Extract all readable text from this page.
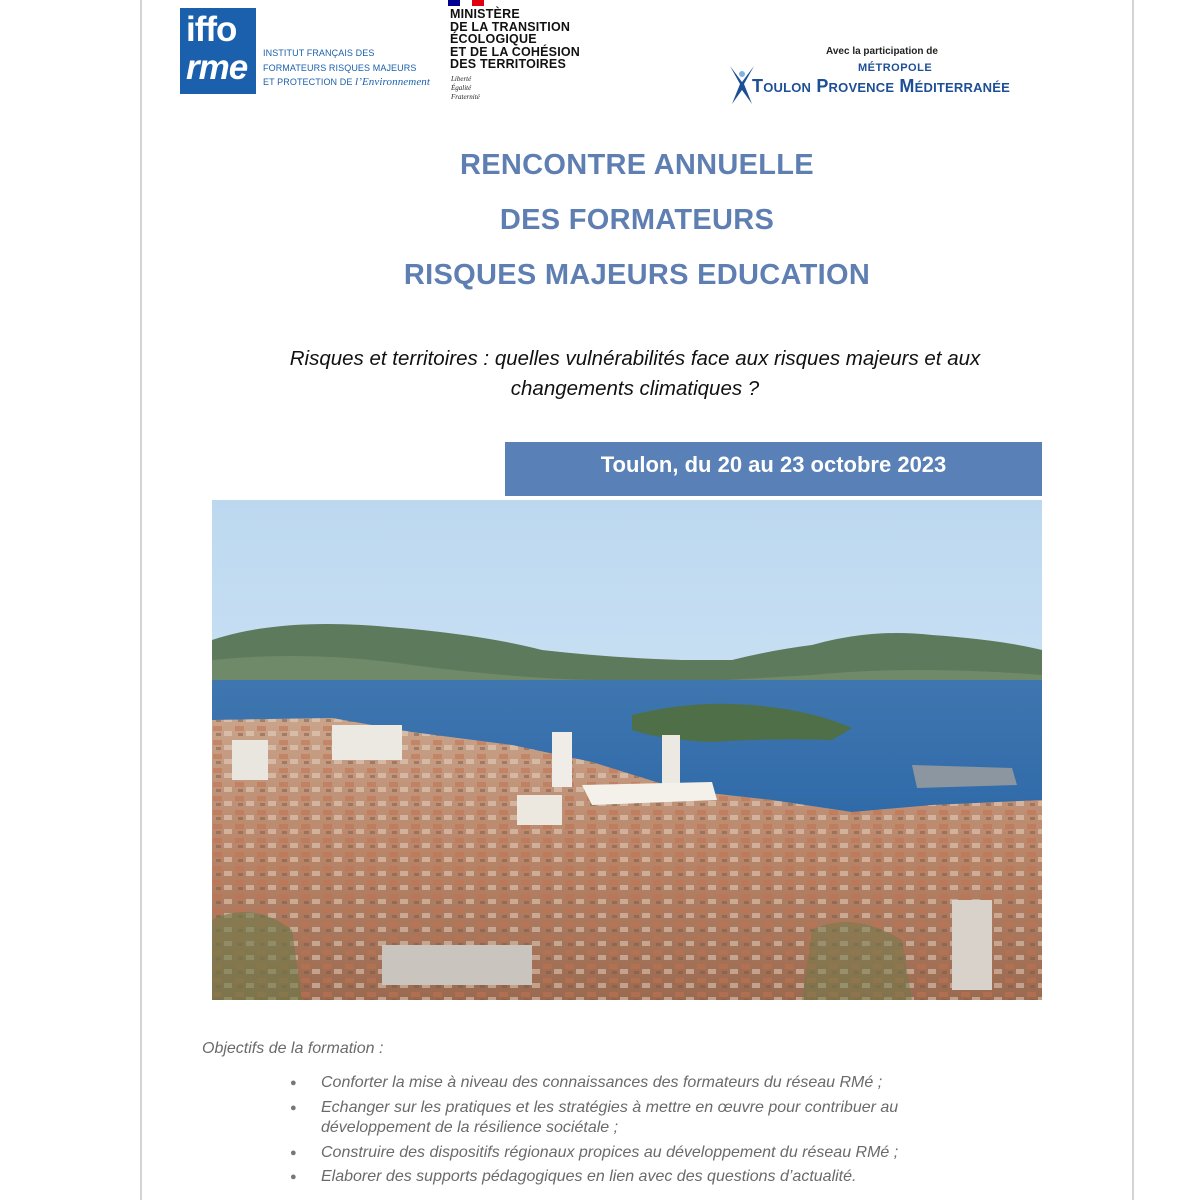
iffo
rme INSTITUT FRANÇAIS DES
FORMATEURS RISQUES MAJEURS
ET PROTECTION DE l’Environnement
MINISTÈRE
DE LA TRANSITION
ÉCOLOGIQUE
ET DE LA COHÉSION
DES TERRITOIRES
Liberté
Égalité
Fraternité
Avec la participation de
MÉTROPOLE
Toulon Provence Méditerranée
RENCONTRE ANNUELLE
DES FORMATEURS
RISQUES MAJEURS EDUCATION
Risques et territoires : quelles vulnérabilités face aux risques majeurs et aux
changements climatiques ?
Toulon, du 20 au 23 octobre 2023
Objectifs de la formation :
● Conforter la mise à niveau des connaissances des formateurs du réseau RMé ;
● Echanger sur les pratiques et les stratégies à mettre en œuvre pour contribuer au
développement de la résilience sociétale ;
● Construire des dispositifs régionaux propices au développement du réseau RMé ;
● Elaborer des supports pédagogiques en lien avec des questions d’actualité.
